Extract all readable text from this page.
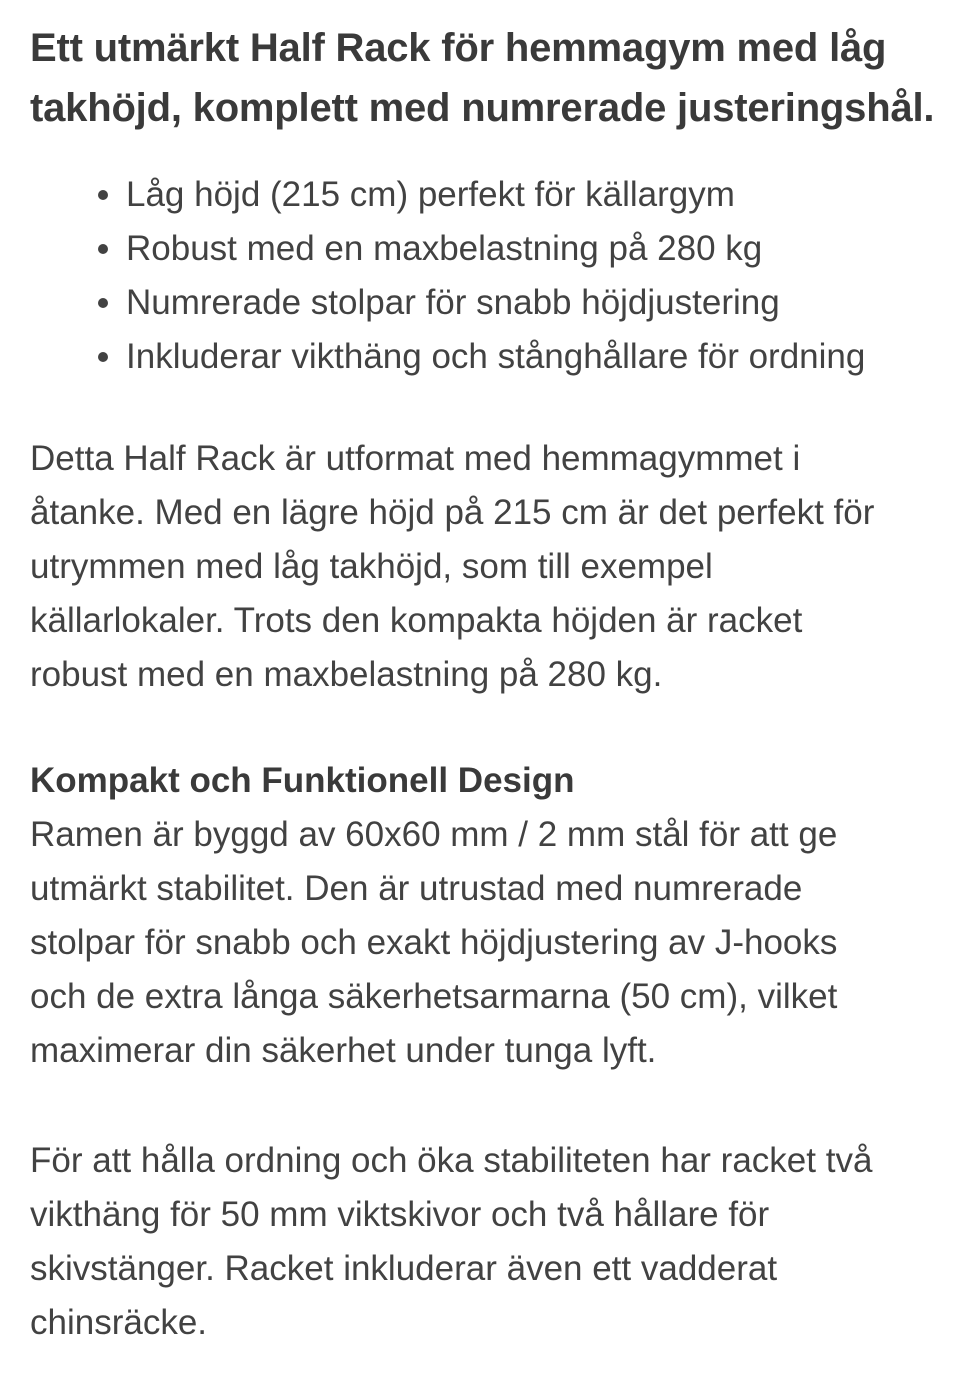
Ett utmärkt Half Rack för hemmagym med låg takhöjd, komplett med numrerade justeringshål.
Låg höjd (215 cm) perfekt för källargym
Robust med en maxbelastning på 280 kg
Numrerade stolpar för snabb höjdjustering
Inkluderar vikthäng och stånghållare för ordning

Detta Half Rack är utformat med hemmagymmet i
åtanke. Med en lägre höjd på 215 cm är det perfekt för
utrymmen med låg takhöjd, som till exempel
källarlokaler. Trots den kompakta höjden är racket
robust med en maxbelastning på 280 kg.

Kompakt och Funktionell Design

Ramen är byggd av 60x60 mm / 2 mm stål för att ge
utmärkt stabilitet. Den är utrustad med numrerade
stolpar för snabb och exakt höjdjustering av J-hooks
och de extra långa säkerhetsarmarna (50 cm), vilket
maximerar din säkerhet under tunga lyft.

För att hålla ordning och öka stabiliteten har racket två
vikthäng för 50 mm viktskivor och två hållare för
skivstänger. Racket inkluderar även ett vadderat
chinsräcke.
